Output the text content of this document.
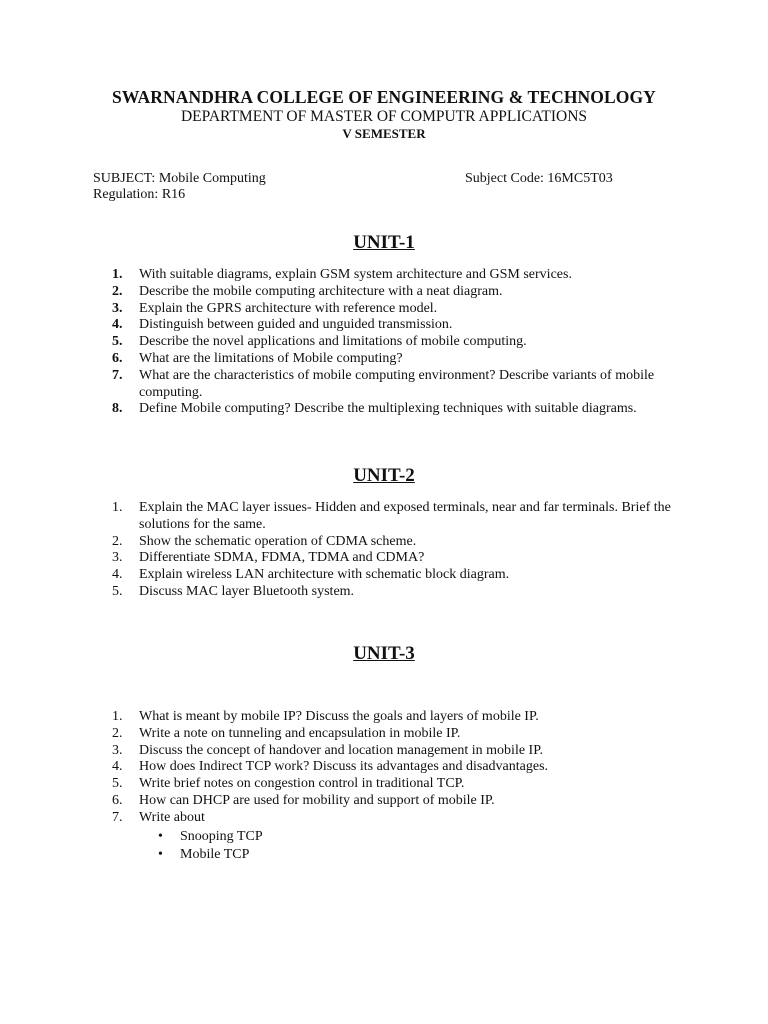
SWARNANDHRA COLLEGE OF ENGINEERING & TECHNOLOGY
DEPARTMENT OF MASTER OF COMPUTR APPLICATIONS
V SEMESTER
SUBJECT: Mobile Computing	Subject Code: 16MC5T03
Regulation: R16
UNIT-1
1.	With suitable diagrams, explain GSM system architecture and GSM services.
2.	Describe the mobile computing architecture with a neat diagram.
3.	Explain the GPRS architecture with reference model.
4.	Distinguish between guided and unguided transmission.
5.	Describe the novel applications and limitations of mobile computing.
6.	What are the limitations of Mobile computing?
7.	What are the characteristics of mobile computing environment? Describe variants of mobile computing.
8.	Define Mobile computing? Describe the multiplexing techniques with suitable diagrams.
UNIT-2
1.	Explain the MAC layer issues- Hidden and exposed terminals, near and far terminals. Brief the solutions for the same.
2.	Show the schematic operation of CDMA scheme.
3.	Differentiate SDMA, FDMA, TDMA and CDMA?
4.	Explain wireless LAN architecture with schematic block diagram.
5.	Discuss MAC layer Bluetooth system.
UNIT-3
1.	What is meant by mobile IP? Discuss the goals and layers of mobile IP.
2.	Write a note on tunneling and encapsulation in mobile IP.
3.	Discuss the concept of handover and location management in mobile IP.
4.	How does Indirect TCP work? Discuss its advantages and disadvantages.
5.	Write brief notes on congestion control in traditional TCP.
6.	How can DHCP are used for mobility and support of mobile IP.
7.	Write about
•	Snooping TCP
•	Mobile TCP
